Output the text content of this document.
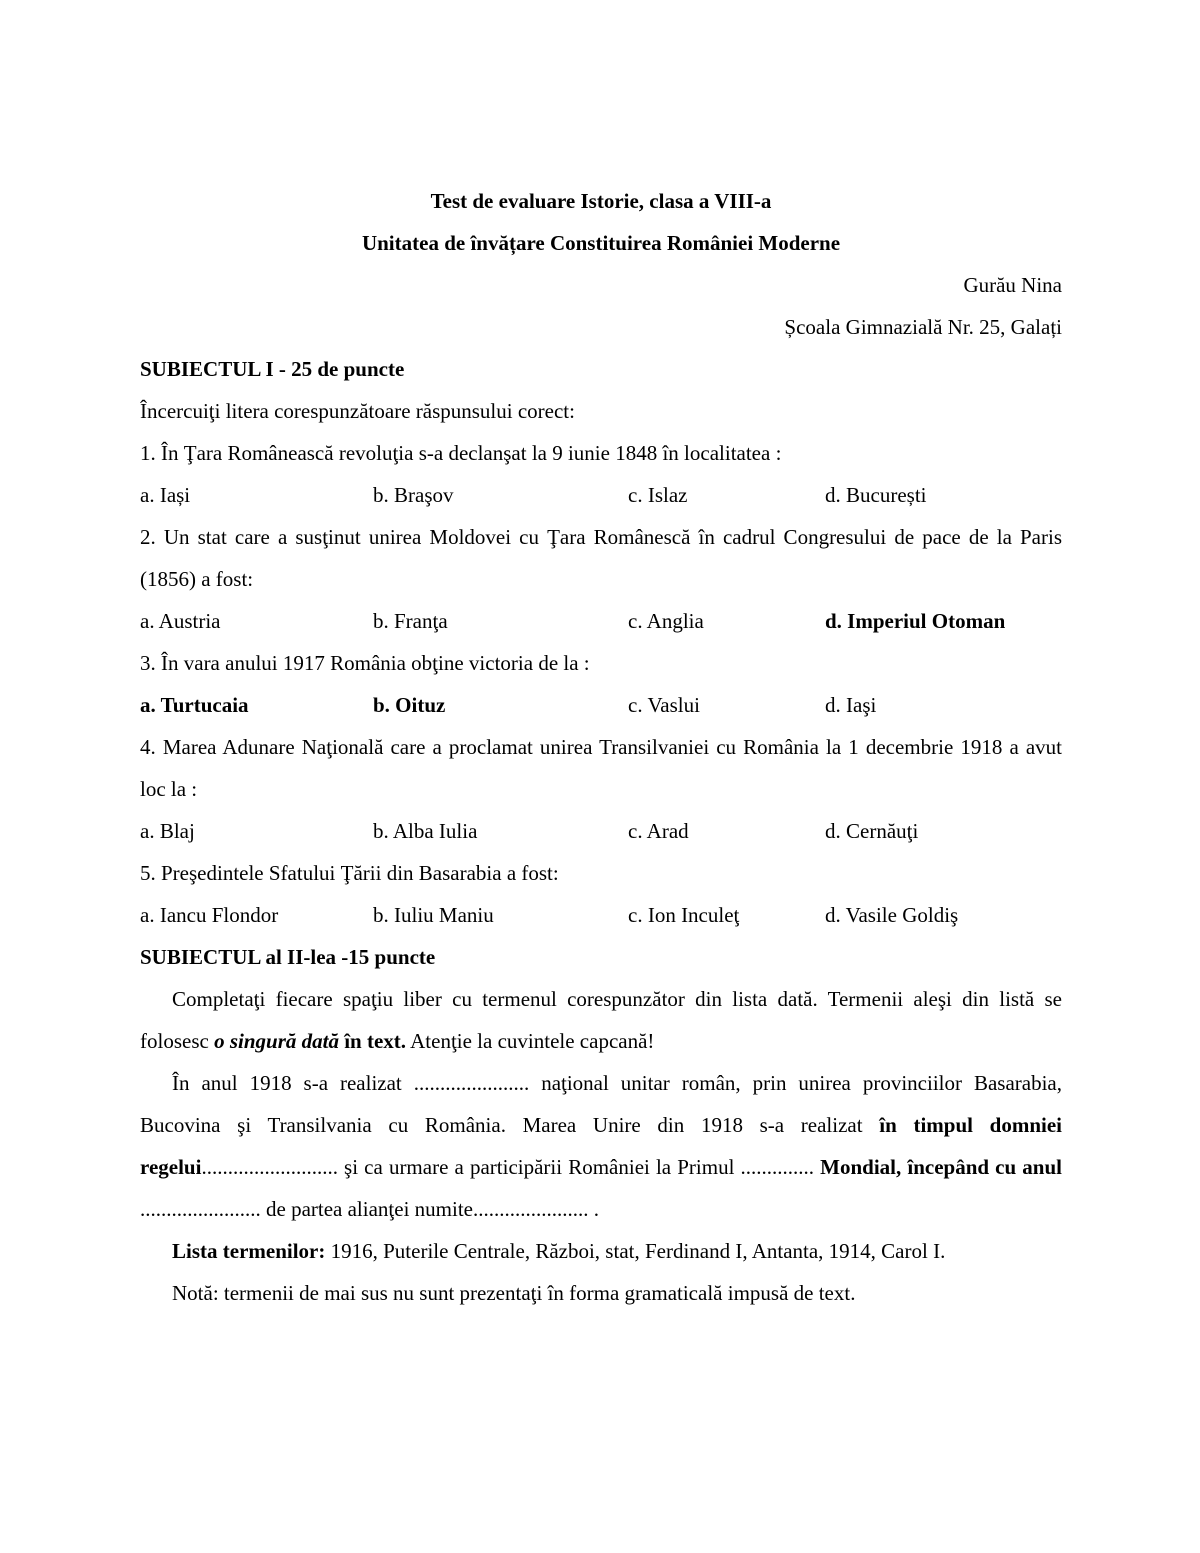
Test de evaluare Istorie, clasa a VIII-a

Unitatea de învățare Constituirea României Moderne

Gurău Nina

Școala Gimnazială Nr. 25, Galați

SUBIECTUL I - 25 de puncte

Încercuiţi litera corespunzătoare răspunsului corect:

1. În Ţara Românească revoluţia s-a declanşat la 9 iunie 1848 în localitatea :

a. Iași	b. Braşov	c. Islaz	d. București

2. Un stat care a susţinut unirea Moldovei cu Ţara Românescă în cadrul Congresului de pace de la Paris (1856) a fost:

a. Austria	b. Franţa	c. Anglia	d. Imperiul Otoman

3. În vara anului 1917 România obţine victoria de la :

a. Turtucaia	b. Oituz	c. Vaslui	d. Iaşi

4. Marea Adunare Naţională care a proclamat unirea Transilvaniei cu România la 1 decembrie 1918 a avut loc la :

a. Blaj	b. Alba Iulia	c. Arad	d. Cernăuţi

5. Preşedintele Sfatului Ţării din Basarabia a fost:

a. Iancu Flondor	b. Iuliu Maniu	c. Ion Inculeţ	d. Vasile Goldiş

SUBIECTUL al II-lea -15 puncte

Completaţi fiecare spaţiu liber cu termenul corespunzător din lista dată. Termenii aleşi din listă se folosesc o singură dată în text. Atenţie la cuvintele capcană!

În anul 1918 s-a realizat ...................... naţional unitar român, prin unirea provinciilor Basarabia, Bucovina şi Transilvania cu România. Marea Unire din 1918 s-a realizat în timpul domniei regelui.......................... şi ca urmare a participării României la Primul .............. Mondial, începând cu anul ....................... de partea alianţei numite...................... .

Lista termenilor: 1916, Puterile Centrale, Război, stat, Ferdinand I, Antanta, 1914, Carol I.

Notă: termenii de mai sus nu sunt prezentaţi în forma gramaticală impusă de text.
